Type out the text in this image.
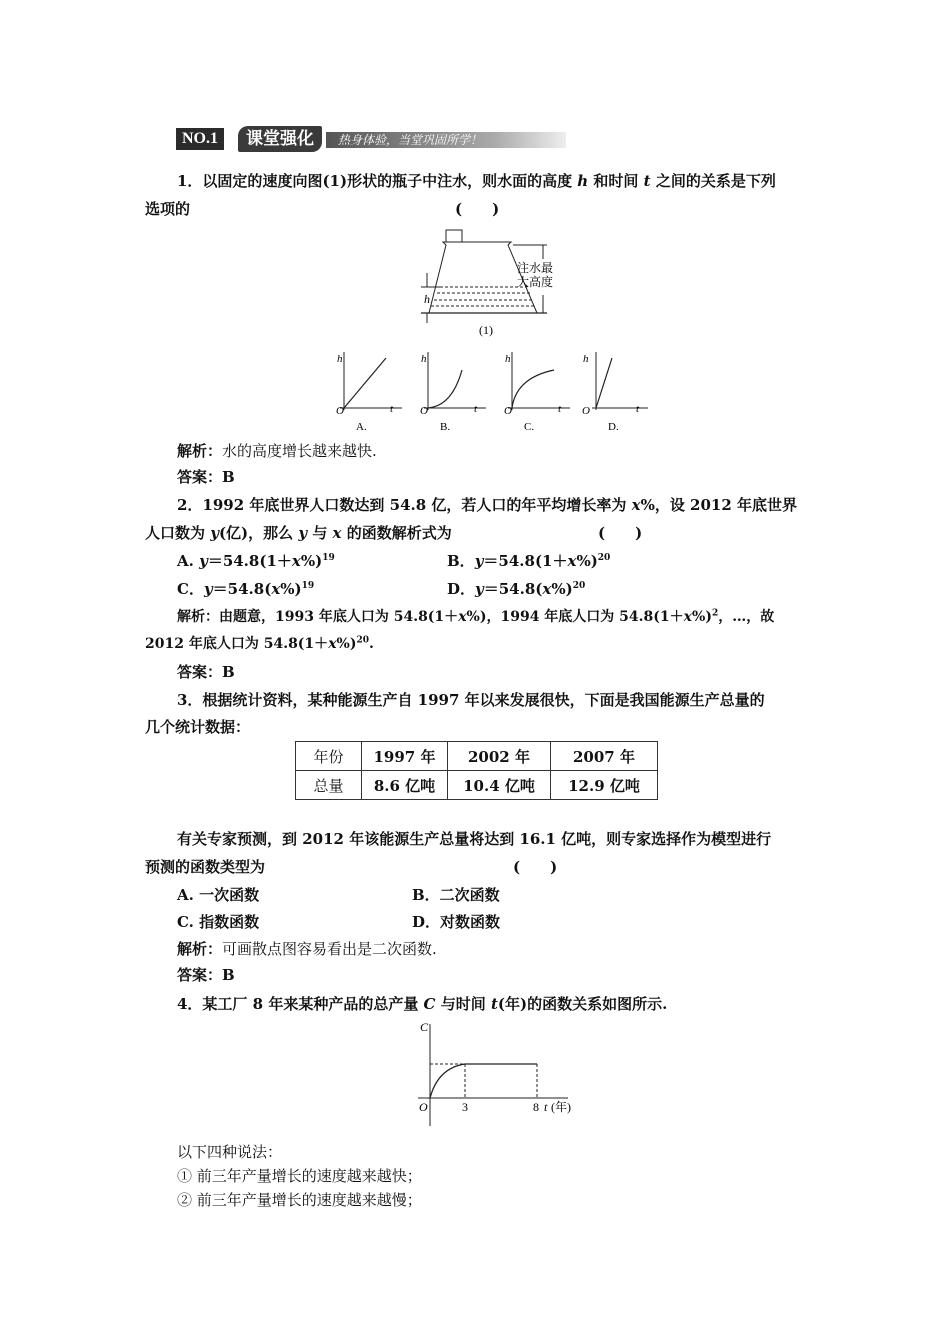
NO.1	课堂强化	热身体验，当堂巩固所学！
1．以固定的速度向图(1)形状的瓶子中注水，则水面的高度 h 和时间 t 之间的关系是下列
选项的	(　　)
注水最
大高度
h
(1)
h
O	t
A.
h
O	t
B.
h
O	t
C.
h
O	t
D.
解析：水的高度增长越来越快.
答案：B
2．1992 年底世界人口数达到 54.8 亿，若人口的年平均增长率为 x%，设 2012 年底世界
人口数为 y(亿)，那么 y 与 x 的函数解析式为	(　　)
A. $y=54.8(1+x\%)^{19}$	B．$y=54.8(1+x\%)^{20}$
C．$y=54.8(x\%)^{19}$	D．$y=54.8(x\%)^{20}$
解析：由题意，1993 年底人口为 54.8(1＋x%)，1994 年底人口为 $54.8(1+x\%)^2$，…，故
2012 年底人口为 $54.8(1+x\%)^{20}$.
答案：B
3．根据统计资料，某种能源生产自 1997 年以来发展很快，下面是我国能源生产总量的
几个统计数据：
年份	1997 年	2002 年	2007 年
总量	8.6 亿吨	10.4 亿吨	12.9 亿吨
有关专家预测，到 2012 年该能源生产总量将达到 16.1 亿吨，则专家选择作为模型进行
预测的函数类型为	(　　)
A. 一次函数	B．二次函数
C. 指数函数	D．对数函数
解析：可画散点图容易看出是二次函数.
答案：B
4．某工厂 8 年来某种产品的总产量 C 与时间 t(年)的函数关系如图所示.
C
O	3	8 t (年)
以下四种说法：
① 前三年产量增长的速度越来越快；
② 前三年产量增长的速度越来越慢；
